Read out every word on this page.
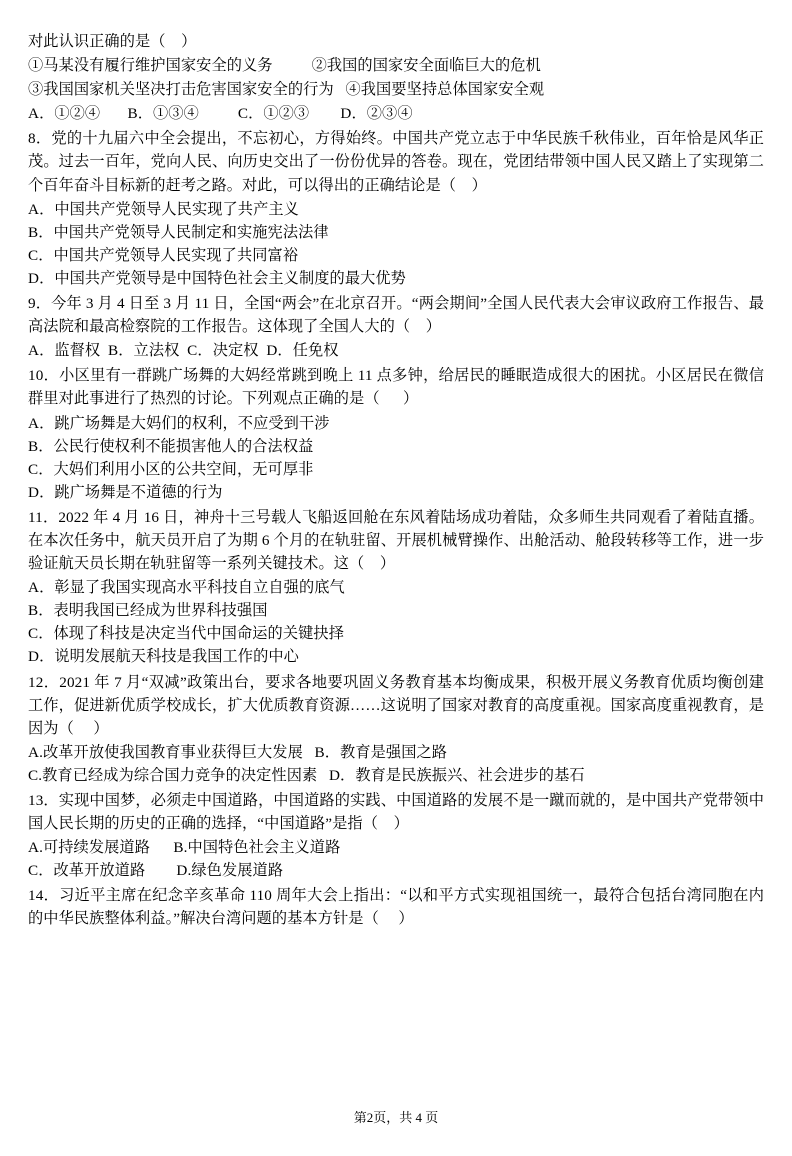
对此认识正确的是（    ）

①马某没有履行维护国家安全的义务          ②我国的国家安全面临巨大的危机

③我国国家机关坚决打击危害国家安全的行为   ④我国要坚持总体国家安全观

A．①②④       B．①③④          C．①②③        D．②③④

8．党的十九届六中全会提出，不忘初心，方得始终。中国共产党立志于中华民族千秋伟业，百年恰是风华正茂。过去一百年，党向人民、向历史交出了一份份优异的答卷。现在，党团结带领中国人民又踏上了实现第二个百年奋斗目标新的赶考之路。对此，可以得出的正确结论是（    ）

A．中国共产党领导人民实现了共产主义

B．中国共产党领导人民制定和实施宪法法律

C．中国共产党领导人民实现了共同富裕

D．中国共产党领导是中国特色社会主义制度的最大优势

9．今年 3 月 4 日至 3 月 11 日，全国“两会”在北京召开。“两会期间”全国人民代表大会审议政府工作报告、最高法院和最高检察院的工作报告。这体现了全国人大的（    ）

A．监督权  B．立法权  C．决定权  D．任免权

10．小区里有一群跳广场舞的大妈经常跳到晚上 11 点多钟，给居民的睡眠造成很大的困扰。小区居民在微信群里对此事进行了热烈的讨论。下列观点正确的是（      ）

A．跳广场舞是大妈们的权利，不应受到干涉

B．公民行使权利不能损害他人的合法权益

C．大妈们利用小区的公共空间，无可厚非

D．跳广场舞是不道德的行为

11．2022 年 4 月 16 日，神舟十三号载人飞船返回舱在东风着陆场成功着陆，众多师生共同观看了着陆直播。在本次任务中，航天员开启了为期 6 个月的在轨驻留、开展机械臂操作、出舱活动、舱段转移等工作，进一步验证航天员长期在轨驻留等一系列关键技术。这（    ）

A．彰显了我国实现高水平科技自立自强的底气

B．表明我国已经成为世界科技强国

C．体现了科技是决定当代中国命运的关键抉择

D．说明发展航天科技是我国工作的中心

12．2021 年 7 月“双减”政策出台，要求各地要巩固义务教育基本均衡成果，积极开展义务教育优质均衡创建工作，促进新优质学校成长，扩大优质教育资源……这说明了国家对教育的高度重视。国家高度重视教育，是因为（     ）

A.改革开放使我国教育事业获得巨大发展   B．教育是强国之路

C.教育已经成为综合国力竞争的决定性因素   D．教育是民族振兴、社会进步的基石

13．实现中国梦，必须走中国道路，中国道路的实践、中国道路的发展不是一蹴而就的，是中国共产党带领中国人民长期的历史的正确的选择，“中国道路”是指（    ）

A.可持续发展道路      B.中国特色社会主义道路

C．改革开放道路        D.绿色发展道路

14．习近平主席在纪念辛亥革命 110 周年大会上指出：“以和平方式实现祖国统一，最符合包括台湾同胞在内的中华民族整体利益。”解决台湾问题的基本方针是（     ）

第2页，共 4 页
